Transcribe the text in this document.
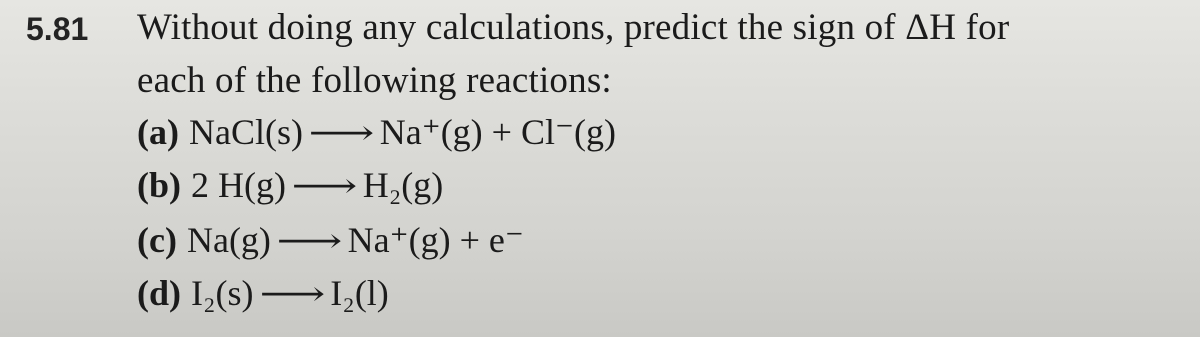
5.81 Without doing any calculations, predict the sign of ΔH for
each of the following reactions:
(a) NaCl(s) ⟶ Na⁺(g) + Cl⁻(g)
(b) 2 H(g) ⟶ H₂(g)
(c) Na(g) ⟶ Na⁺(g) + e⁻
(d) I₂(s) ⟶ I₂(l)
